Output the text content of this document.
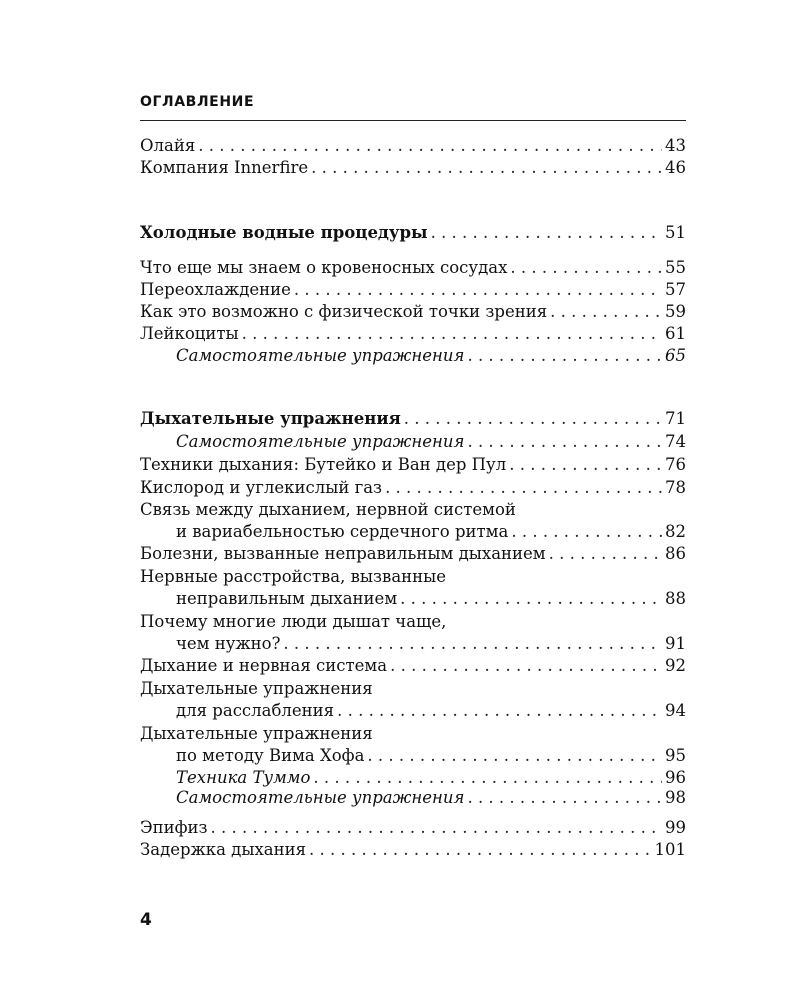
ОГЛАВЛЕНИЕ
Олайя . . .	43
Компания Innerfire . . .	46
Холодные водные процедуры . . .	51
Что еще мы знаем о кровеносных сосудах . . .	55
Переохлаждение . . .	57
Как это возможно с физической точки зрения . . .	59
Лейкоциты . . .	61
Самостоятельные упражнения . . .	65
Дыхательные упражнения . . .	71
Самостоятельные упражнения . . .	74
Техники дыхания: Бутейко и Ван дер Пул . . .	76
Кислород и углекислый газ . . .	78
Связь между дыханием, нервной системой
и вариабельностью сердечного ритма . . .	82
Болезни, вызванные неправильным дыханием . . .	86
Нервные расстройства, вызванные
неправильным дыханием . . .	88
Почему многие люди дышат чаще,
чем нужно? . . .	91
Дыхание и нервная система . . .	92
Дыхательные упражнения
для расслабления . . .	94
Дыхательные упражнения
по методу Вима Хофа . . .	95
Техника Туммо . . .	96
Самостоятельные упражнения . . .	98
Эпифиз . . .	99
Задержка дыхания . . .	101
4
